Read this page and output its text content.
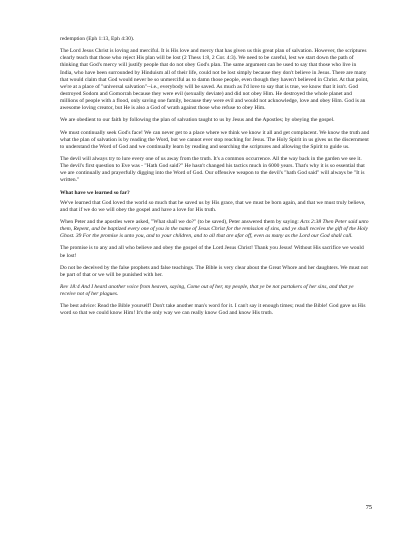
redemption (Eph 1:13, Eph 4:30).

The Lord Jesus Christ is loving and merciful. It is His love and mercy that has given us this great plan of salvation. However, the scriptures clearly teach that those who reject His plan will be lost (2 Thess 1:8, 2 Cor. 4:3). We need to be careful, lest we start down the path of thinking that God's mercy will justify people that do not obey God's plan. The same argument can be used to say that those who live in India, who have been surrounded by Hinduism all of their life, could not be lost simply because they don't believe in Jesus. There are many that would claim that God would never be so unmerciful as to damn those people, even though they haven't believed in Christ. At that point, we're at a place of "universal salvation"--i.e., everybody will be saved. As much as I'd love to say that is true, we know that it isn't. God destroyed Sodom and Gomorrah because they were evil (sexually deviate) and did not obey Him. He destroyed the whole planet and millions of people with a flood, only saving one family, because they were evil and would not acknowledge, love and obey Him. God is an awesome loving creator, but He is also a God of wrath against those who refuse to obey Him.

We are obedient to our faith by following the plan of salvation taught to us by Jesus and the Apostles; by obeying the gospel.

We must continually seek God's face! We can never get to a place where we think we know it all and get complacent. We know the truth and what the plan of salvation is by reading the Word, but we cannot ever stop reaching for Jesus. The Holy Spirit in us gives us the discernment to understand the Word of God and we continually learn by reading and searching the scriptures and allowing the Spirit to guide us.

The devil will always try to lure every one of us away from the truth. It's a common occurrence. All the way back in the garden we see it. The devil's first question to Eve was - "Hath God said?" He hasn't changed his tactics much in 6000 years. That's why it is so essential that we are continually and prayerfully digging into the Word of God. Our offensive weapon to the devil's "hath God said" will always be "It is written."

What have we learned so far?

We've learned that God loved the world so much that he saved us by His grace, that we must be born again, and that we must truly believe, and that if we do we will obey the gospel and have a love for His truth.

When Peter and the apostles were asked, "What shall we do?" (to be saved), Peter answered them by saying: Acts 2:38 Then Peter said unto them, Repent, and be baptized every one of you in the name of Jesus Christ for the remission of sins, and ye shall receive the gift of the Holy Ghost. 39 For the promise is unto you, and to your children, and to all that are afar off, even as many as the Lord our God shall call.

The promise is to any and all who believe and obey the gospel of the Lord Jesus Christ! Thank you Jesus! Without His sacrifice we would be lost!

Do not be deceived by the false prophets and false teachings. The Bible is very clear about the Great Whore and her daughters. We must not be part of that or we will be punished with her.

Rev 18:4 And I heard another voice from heaven, saying, Come out of her, my people, that ye be not partakers of her sins, and that ye receive not of her plagues.

The best advice: Read the Bible yourself! Don't take another man's word for it. I can't say it enough times; read the Bible! God gave us His word so that we could know Him! It's the only way we can really know God and know His truth.

75
